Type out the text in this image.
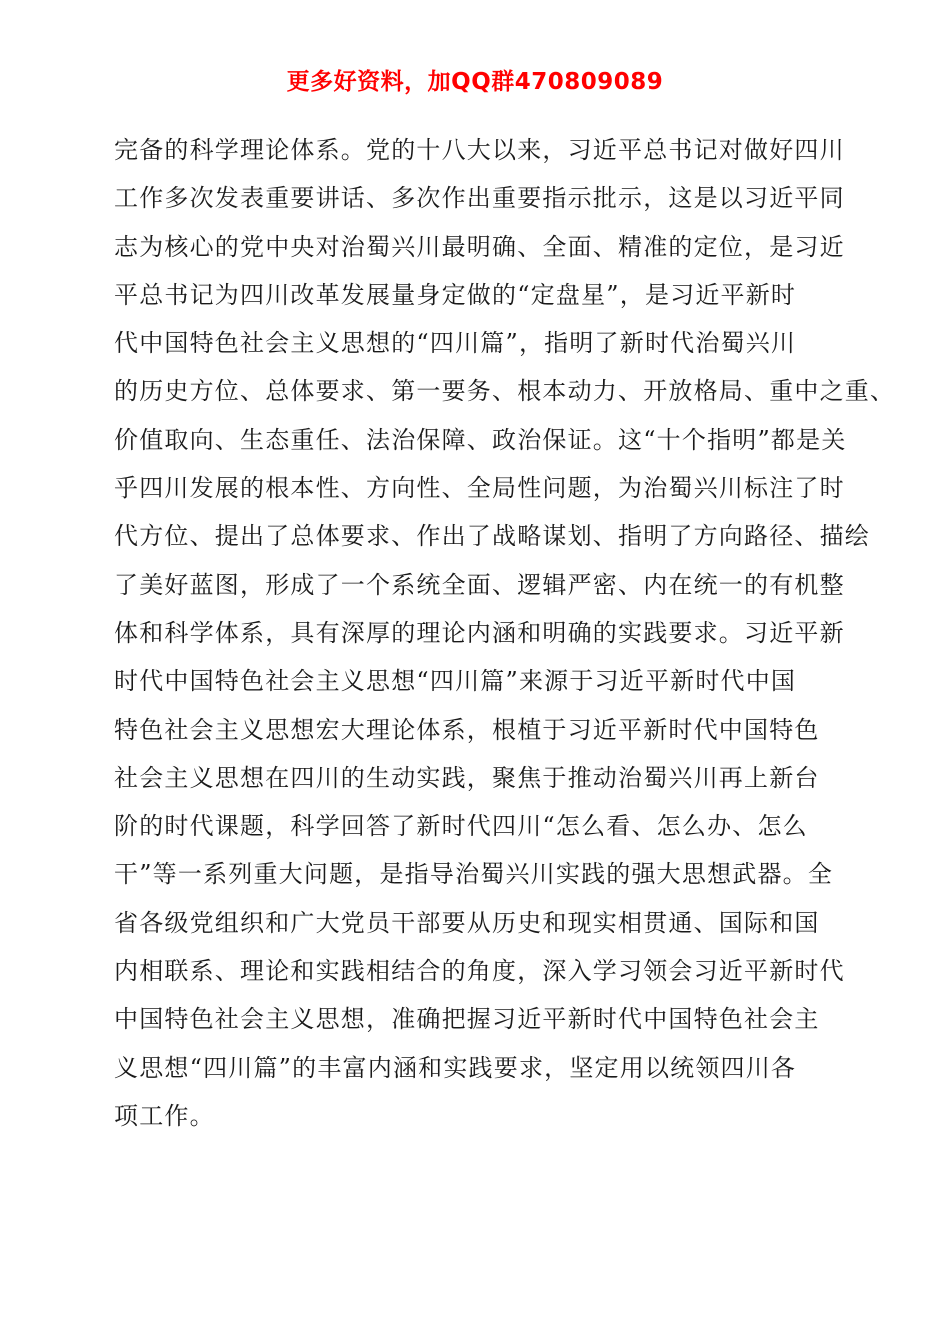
更多好资料，加QQ群470809089
完备的科学理论体系。党的十八大以来，习近平总书记对做好四川
工作多次发表重要讲话、多次作出重要指示批示，这是以习近平同
志为核心的党中央对治蜀兴川最明确、全面、精准的定位，是习近
平总书记为四川改革发展量身定做的“定盘星”，是习近平新时
代中国特色社会主义思想的“四川篇”，指明了新时代治蜀兴川
的历史方位、总体要求、第一要务、根本动力、开放格局、重中之重、
价值取向、生态重任、法治保障、政治保证。这“十个指明”都是关
乎四川发展的根本性、方向性、全局性问题，为治蜀兴川标注了时
代方位、提出了总体要求、作出了战略谋划、指明了方向路径、描绘
了美好蓝图，形成了一个系统全面、逻辑严密、内在统一的有机整
体和科学体系，具有深厚的理论内涵和明确的实践要求。习近平新
时代中国特色社会主义思想“四川篇”来源于习近平新时代中国
特色社会主义思想宏大理论体系，根植于习近平新时代中国特色
社会主义思想在四川的生动实践，聚焦于推动治蜀兴川再上新台
阶的时代课题，科学回答了新时代四川“怎么看、怎么办、怎么
干”等一系列重大问题，是指导治蜀兴川实践的强大思想武器。全
省各级党组织和广大党员干部要从历史和现实相贯通、国际和国
内相联系、理论和实践相结合的角度，深入学习领会习近平新时代
中国特色社会主义思想，准确把握习近平新时代中国特色社会主
义思想“四川篇”的丰富内涵和实践要求，坚定用以统领四川各
项工作。
